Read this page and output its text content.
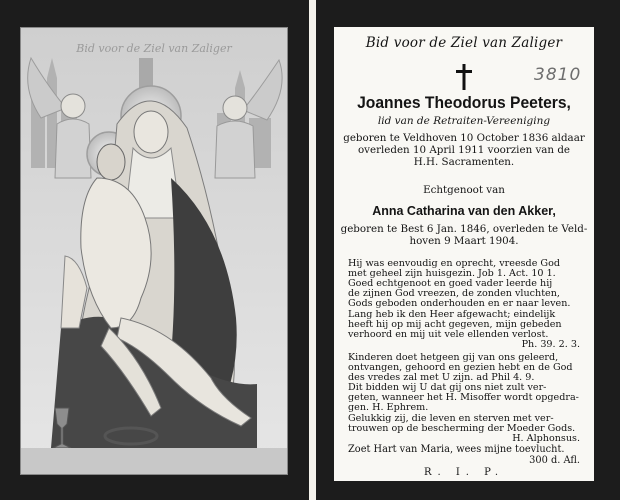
Bid voor de Ziel van Zaliger	Bid voor de Ziel van Zaliger
3810
Joannes Theodorus Peeters,
lid van de Retraiten-Vereeniging
geboren te Veldhoven 10 October 1836 aldaar
overleden 10 April 1911 voorzien van de
H.H. Sacramenten.
Echtgenoot van
Anna Catharina van den Akker,
geboren te Best 6 Jan. 1846, overleden te Veld-
hoven 9 Maart 1904.
Hij was eenvoudig en oprecht, vreesde God
met geheel zijn huisgezin. Job 1. Act. 10 1.
Goed echtgenoot en goed vader leerde hij
de zijnen God vreezen, de zonden vluchten,
Gods geboden onderhouden en er naar leven.
Lang heb ik den Heer afgewacht; eindelijk
heeft hij op mij acht gegeven, mijn gebeden
verhoord en mij uit vele ellenden verlost.
Ph. 39. 2. 3.
Kinderen doet hetgeen gij van ons geleerd,
ontvangen, gehoord en gezien hebt en de God
des vredes zal met U zijn. ad Phil 4. 9.
Dit bidden wij U dat gij ons niet zult ver-
geten, wanneer het H. Misoffer wordt opgedra-
gen. H. Ephrem.
Gelukkig zij, die leven en sterven met ver-
trouwen op de bescherming der Moeder Gods.
H. Alphonsus.
Zoet Hart van Maria, wees mijne toevlucht.
300 d. Afl.
R. I. P.
